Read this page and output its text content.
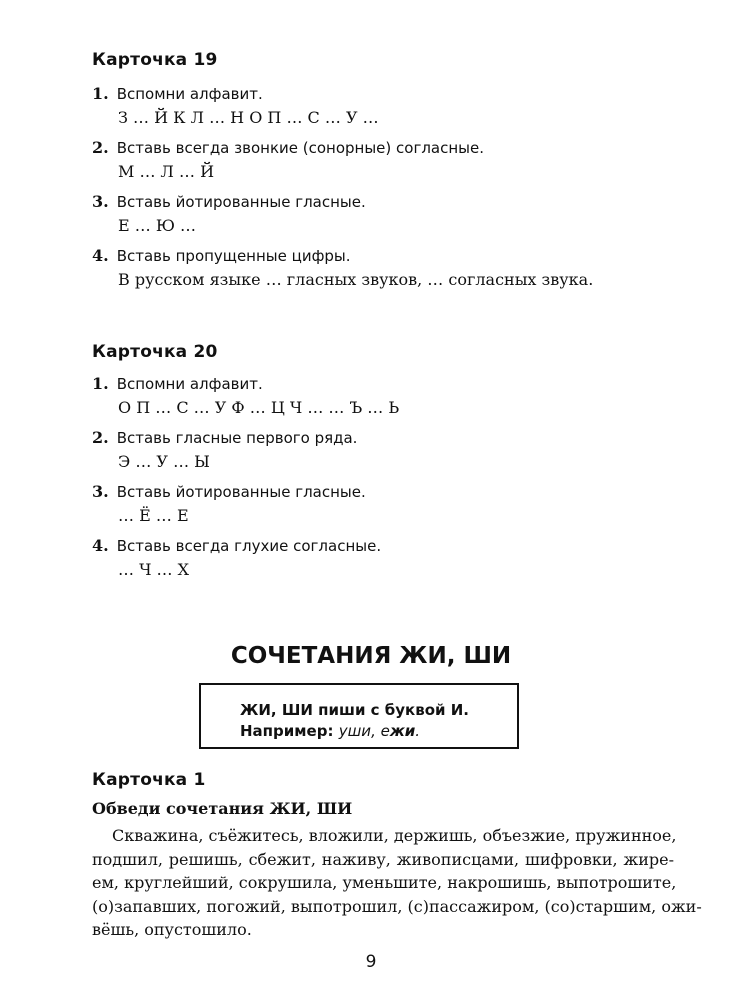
Карточка 19
1. Вспомни алфавит.
З … Й К Л … Н О П … С … У …
2. Вставь всегда звонкие (сонорные) согласные.
М … Л … Й
3. Вставь йотированные гласные.
Е … Ю …
4. Вставь пропущенные цифры.
В русском языке … гласных звуков, … согласных звука.
Карточка 20
1. Вспомни алфавит.
О П … С … У Ф … Ц Ч … … Ъ … Ь
2. Вставь гласные первого ряда.
Э … У … Ы
3. Вставь йотированные гласные.
… Ё … Е
4. Вставь всегда глухие согласные.
… Ч … Х
СОЧЕТАНИЯ ЖИ, ШИ
ЖИ, ШИ пиши с буквой И.
Например: уши, ежи.
Карточка 1
Обведи сочетания ЖИ, ШИ
Скважина, съёжитесь, вложили, держишь, объезжие, пружинное,
подшил, решишь, сбежит, наживу, живописцами, шифровки, жире-
ем, круглейший, сокрушила, уменьшите, накрошишь, выпотрошите,
(о)запавших, погожий, выпотрошил, (с)пассажиром, (со)старшим, ожи-
вёшь, опустошило.
9
